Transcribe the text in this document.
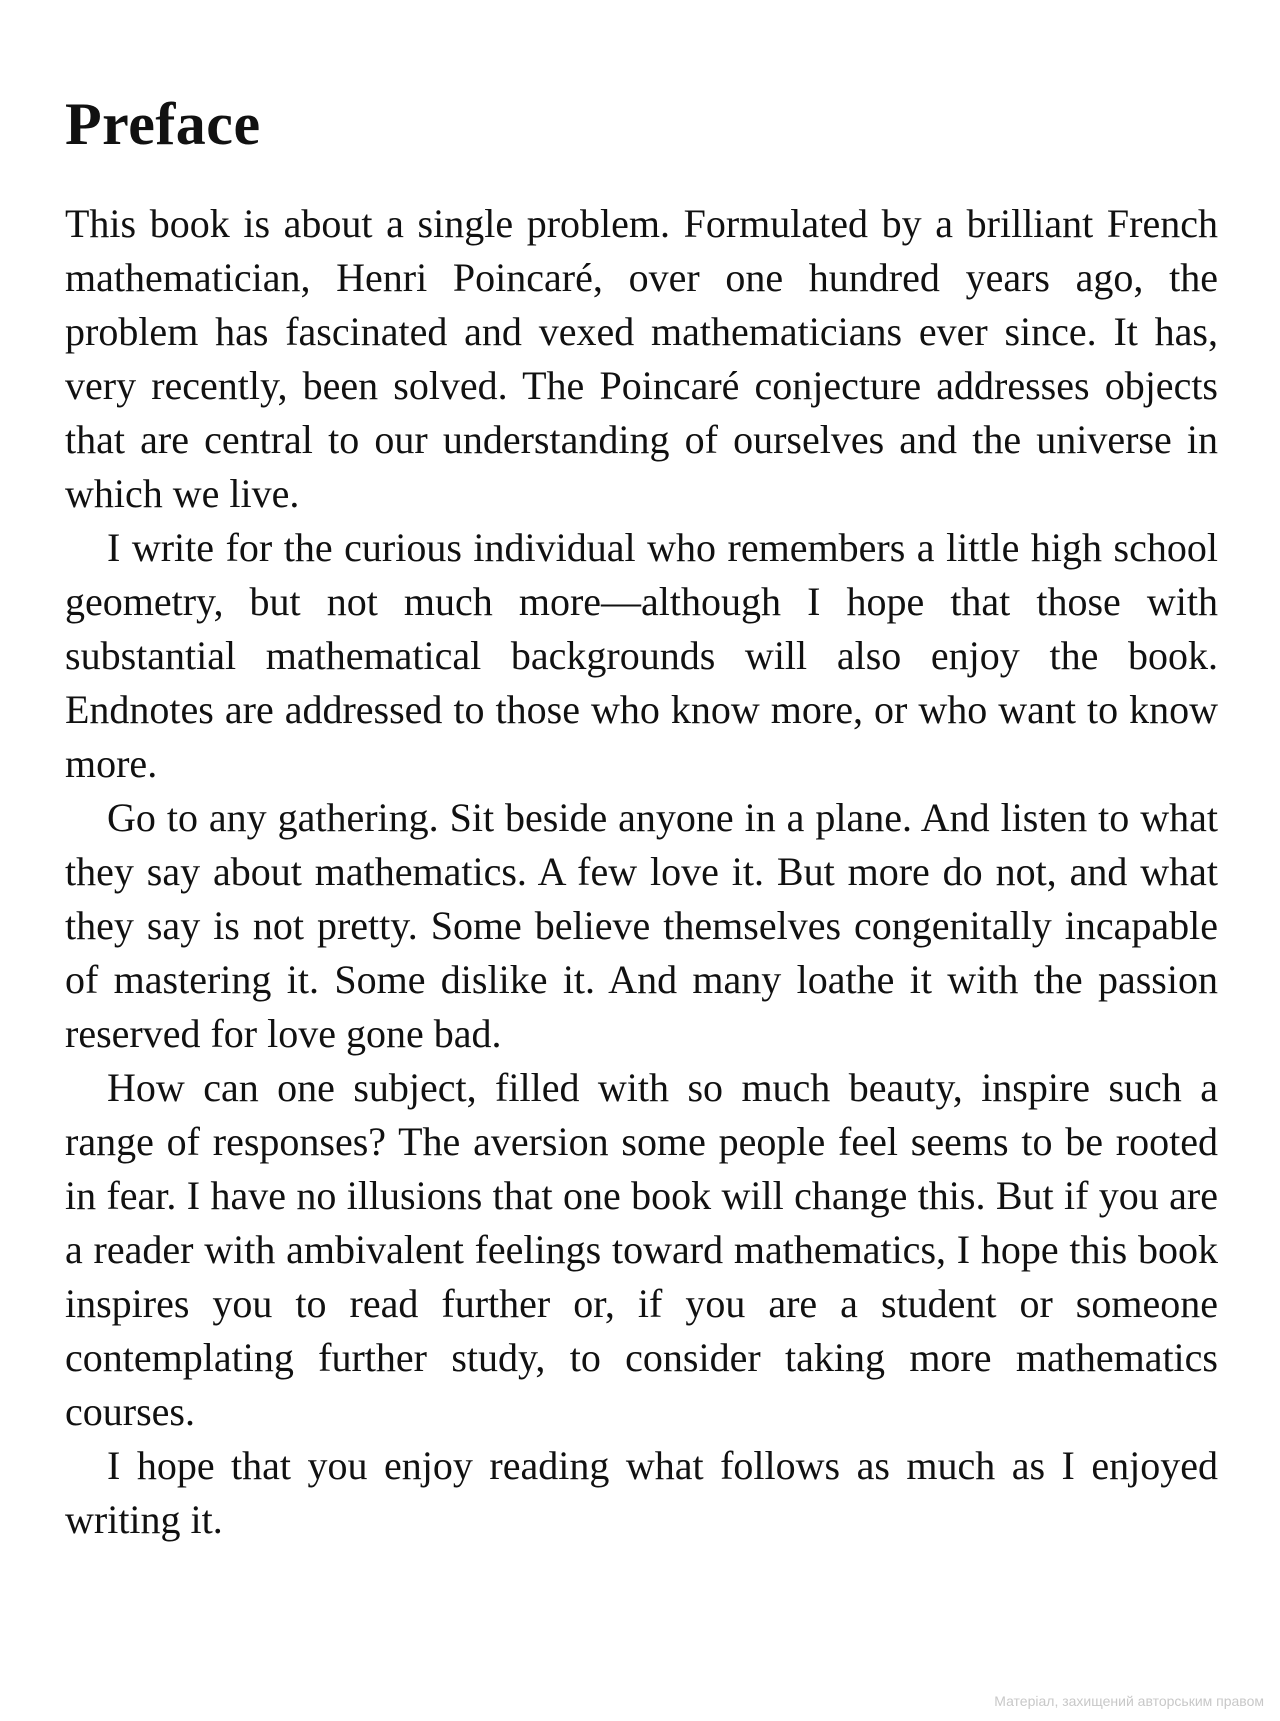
Preface

This book is about a single problem. Formulated by a brilliant French mathematician, Henri Poincaré, over one hundred years ago, the problem has fascinated and vexed mathematicians ever since. It has, very recently, been solved. The Poincaré conjecture addresses objects that are central to our understanding of ourselves and the universe in which we live.

I write for the curious individual who remembers a little high school geometry, but not much more—although I hope that those with substantial mathematical backgrounds will also enjoy the book. Endnotes are addressed to those who know more, or who want to know more.

Go to any gathering. Sit beside anyone in a plane. And listen to what they say about mathematics. A few love it. But more do not, and what they say is not pretty. Some believe themselves congenitally incapable of mastering it. Some dislike it. And many loathe it with the passion reserved for love gone bad.

How can one subject, filled with so much beauty, inspire such a range of responses? The aversion some people feel seems to be rooted in fear. I have no illusions that one book will change this. But if you are a reader with ambivalent feelings toward mathematics, I hope this book inspires you to read further or, if you are a student or someone contemplating further study, to consider taking more mathematics courses.

I hope that you enjoy reading what follows as much as I enjoyed writing it.

Матеріал, захищений авторським правом
